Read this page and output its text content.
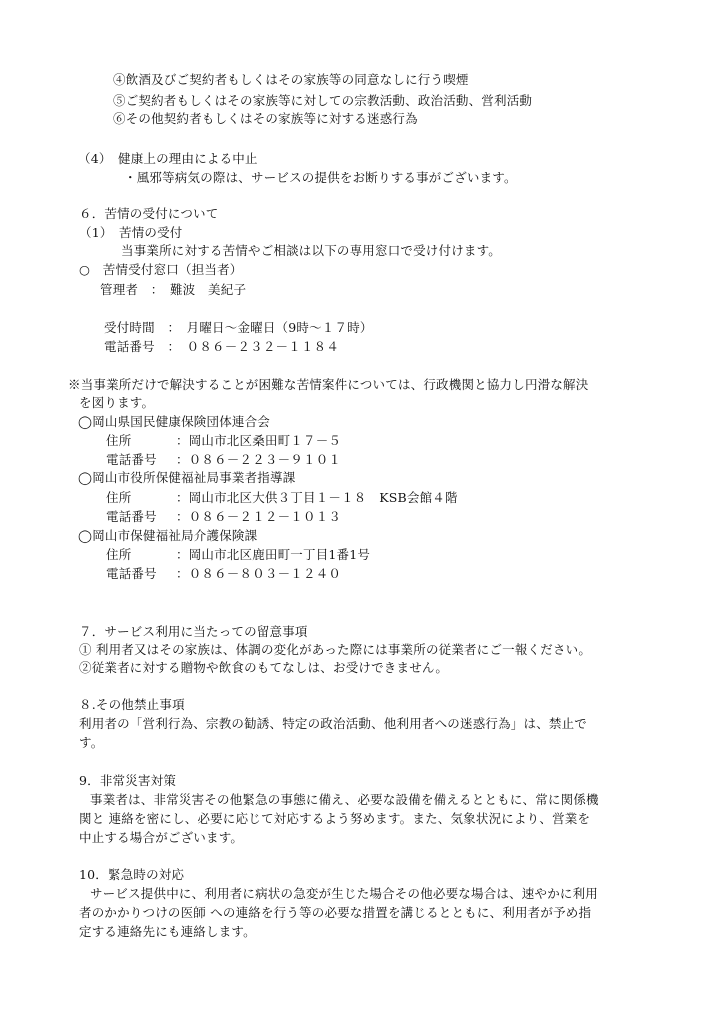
④飲酒及びご契約者もしくはその家族等の同意なしに行う喫煙
⑤ご契約者もしくはその家族等に対しての宗教活動、政治活動、営利活動
⑥その他契約者もしくはその家族等に対する迷惑行為
（4）　健康上の理由による中止
・風邪等病気の際は、サービスの提供をお断りする事がございます。
６．苦情の受付について
（1）　苦情の受付
当事業所に対する苦情やご相談は以下の専用窓口で受け付けます。
○　苦情受付窓口（担当者）
管理者　：　難波　美紀子
受付時間　：　月曜日～金曜日（9時～１７時）
電話番号　：　０８６－２３２－１１８４
※当事業所だけで解決することが困難な苦情案件については、行政機関と協力し円滑な解決
を図ります。
◯岡山県国民健康保険団体連合会
住所	：岡山市北区桑田町１７－５
電話番号 ：０８６－２２３－９１０１
◯岡山市役所保健福祉局事業者指導課
住所	：岡山市北区大供３丁目１－１８　KSB会館４階
電話番号 ：０８６－２１２－１０１３
◯岡山市保健福祉局介護保険課
住所	：岡山市北区鹿田町一丁目1番1号
電話番号 ：０８６－８０３－１２４０
７．サービス利用に当たっての留意事項
① 利用者又はその家族は、体調の変化があった際には事業所の従業者にご一報ください。
②従業者に対する贈物や飲食のもてなしは、お受けできません。
８.その他禁止事項
利用者の「営利行為、宗教の勧誘、特定の政治活動、他利用者への迷惑行為」は、禁止で
す。
9．非常災害対策
事業者は、非常災害その他緊急の事態に備え、必要な設備を備えるとともに、常に関係機
関と 連絡を密にし、必要に応じて対応するよう努めます。また、気象状況により、営業を
中止する場合がございます。
10．緊急時の対応
サービス提供中に、利用者に病状の急変が生じた場合その他必要な場合は、速やかに利用
者のかかりつけの医師 への連絡を行う等の必要な措置を講じるとともに、利用者が予め指
定する連絡先にも連絡します。
